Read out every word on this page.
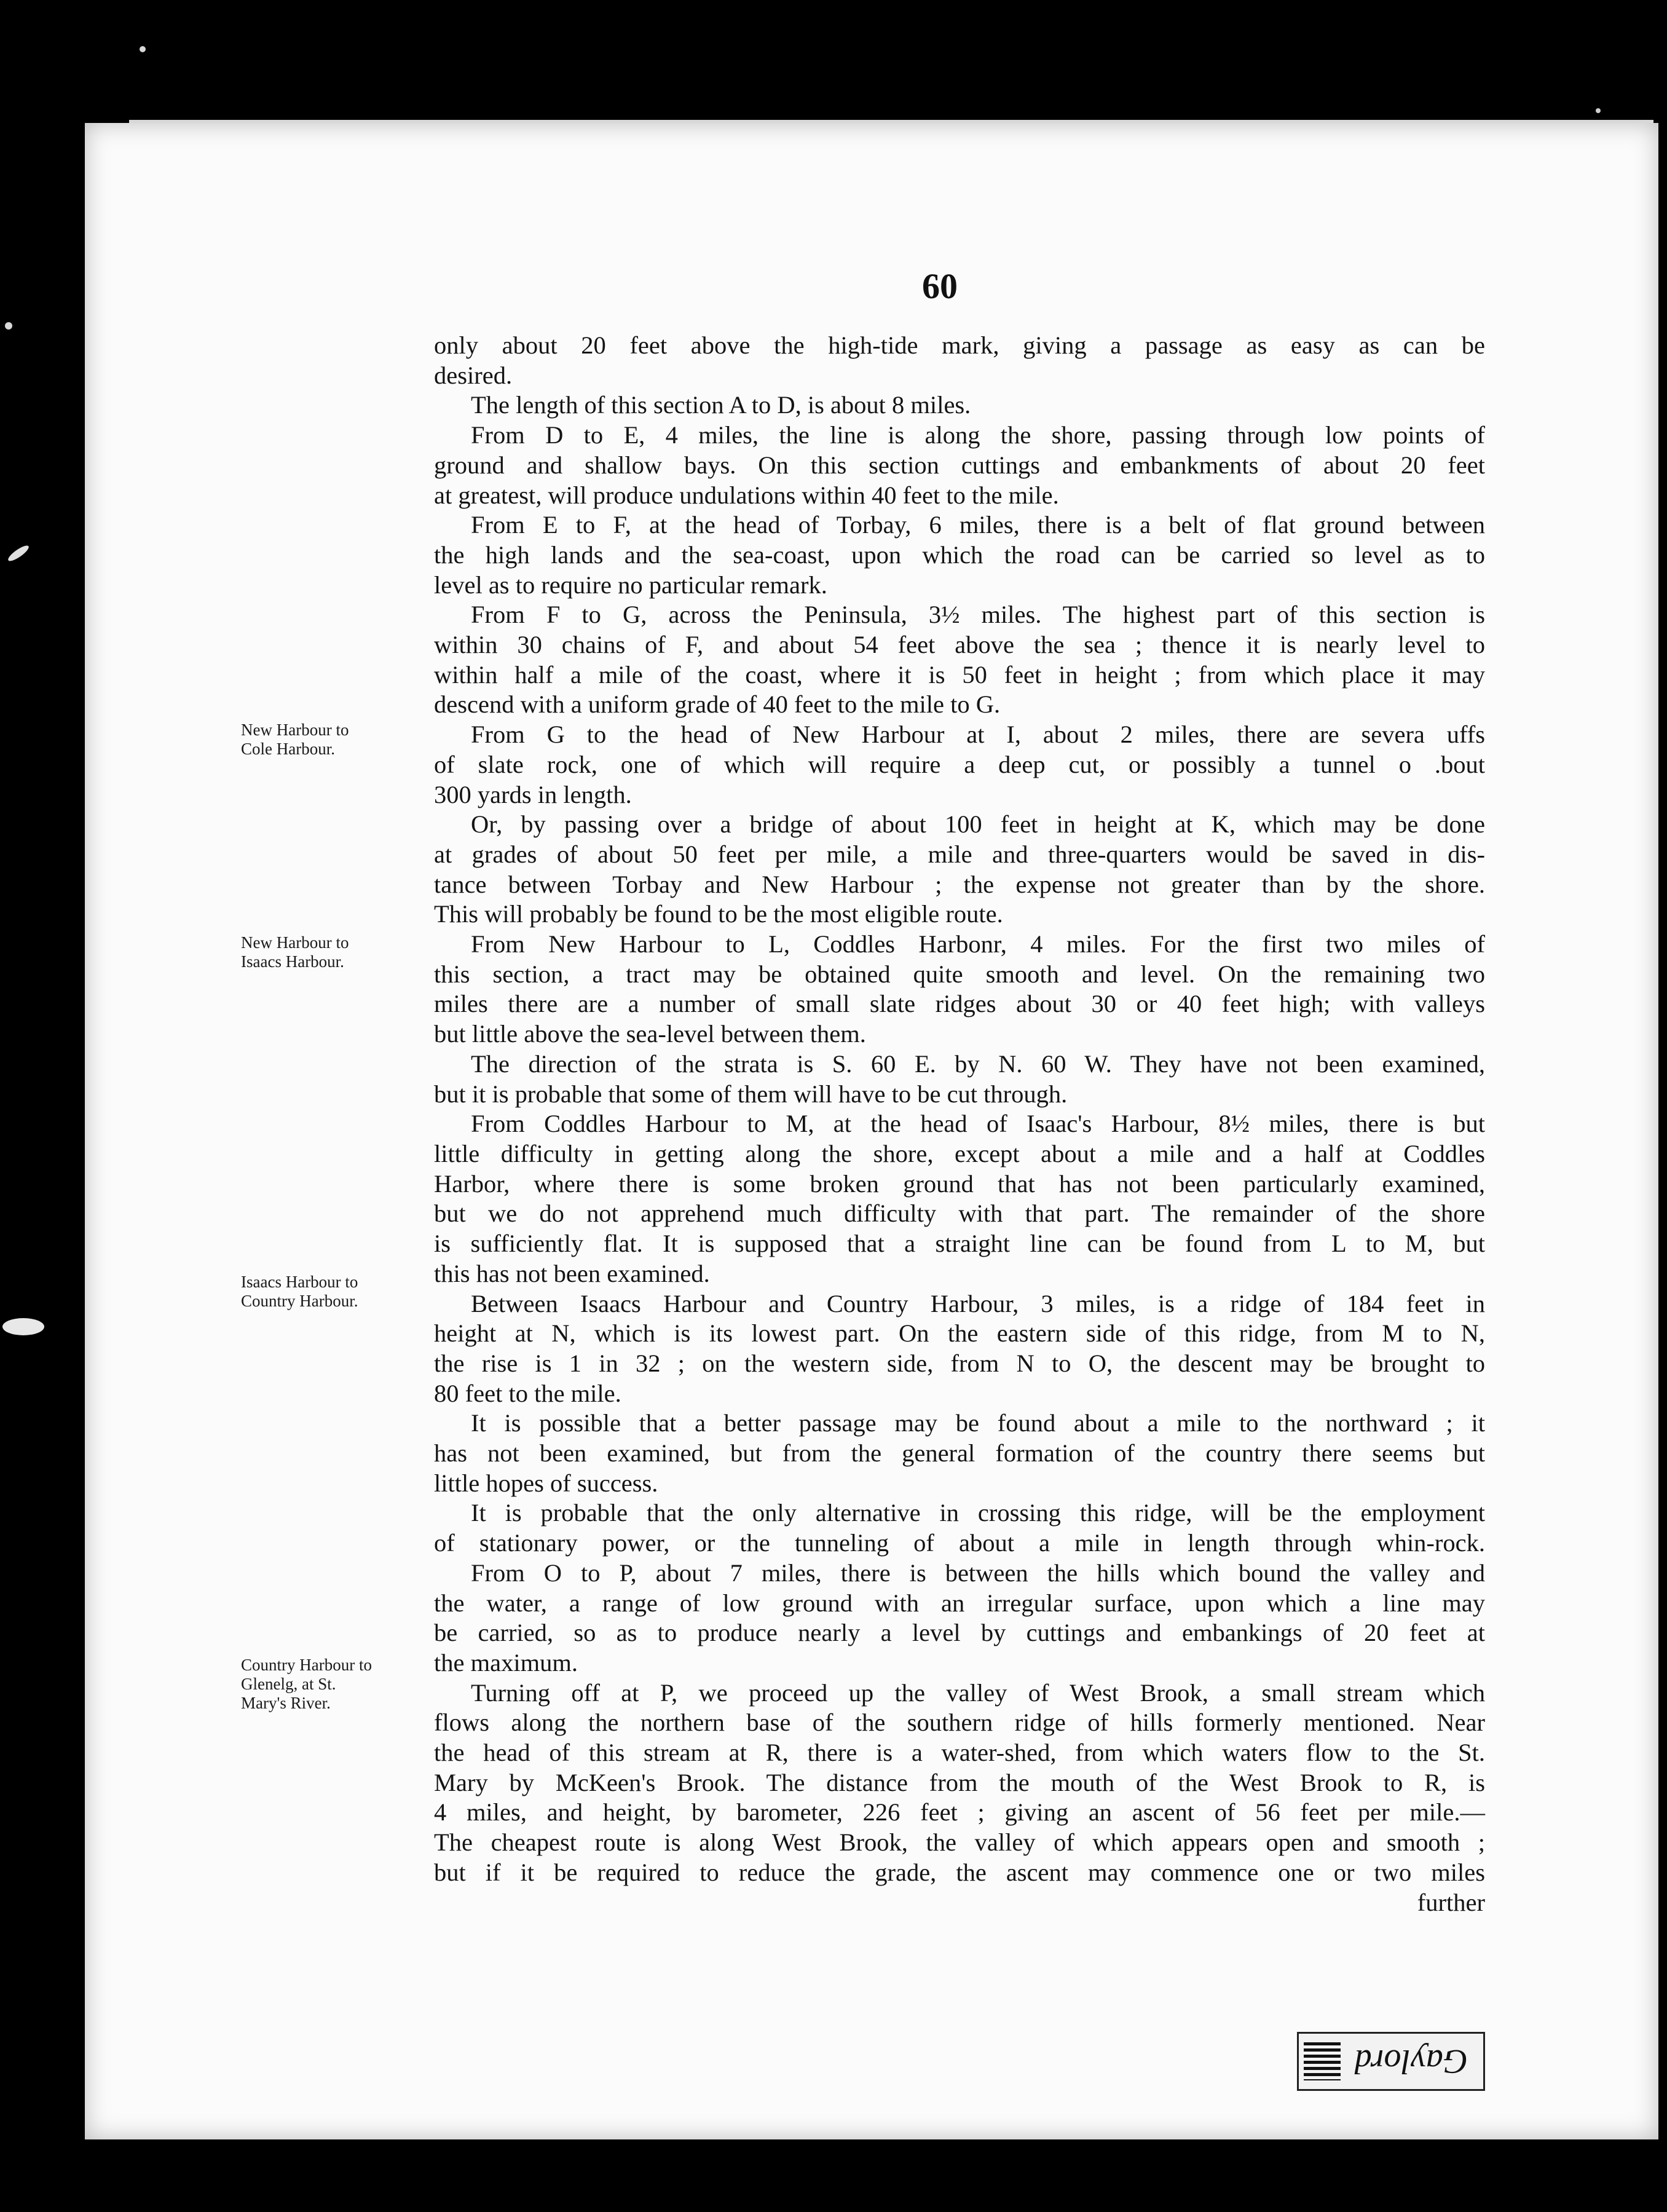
60
only about 20 feet above the high-tide mark, giving a passage as easy as can be
desired.
The length of this section A to D, is about 8 miles.
From D to E, 4 miles, the line is along the shore, passing through low points of
ground and shallow bays. On this section cuttings and embankments of about 20 feet
at greatest, will produce undulations within 40 feet to the mile.
From E to F, at the head of Torbay, 6 miles, there is a belt of flat ground between
the high lands and the sea-coast, upon which the road can be carried so level as to
level as to require no particular remark.
From F to G, across the Peninsula, 3½ miles. The highest part of this section is
within 30 chains of F, and about 54 feet above the sea ; thence it is nearly level to
within half a mile of the coast, where it is 50 feet in height ; from which place it may
descend with a uniform grade of 40 feet to the mile to G.
From G to the head of New Harbour at I, about 2 miles, there are severa uffs
of slate rock, one of which will require a deep cut, or possibly a tunnel o .bout
300 yards in length.
Or, by passing over a bridge of about 100 feet in height at K, which may be done
at grades of about 50 feet per mile, a mile and three-quarters would be saved in dis-
tance between Torbay and New Harbour ; the expense not greater than by the shore.
This will probably be found to be the most eligible route.
From New Harbour to L, Coddles Harbonr, 4 miles. For the first two miles of
this section, a tract may be obtained quite smooth and level. On the remaining two
miles there are a number of small slate ridges about 30 or 40 feet high; with valleys
but little above the sea-level between them.
The direction of the strata is S. 60 E. by N. 60 W. They have not been examined,
but it is probable that some of them will have to be cut through.
From Coddles Harbour to M, at the head of Isaac's Harbour, 8½ miles, there is but
little difficulty in getting along the shore, except about a mile and a half at Coddles
Harbor, where there is some broken ground that has not been particularly examined,
but we do not apprehend much difficulty with that part. The remainder of the shore
is sufficiently flat. It is supposed that a straight line can be found from L to M, but
this has not been examined.
Between Isaacs Harbour and Country Harbour, 3 miles, is a ridge of 184 feet in
height at N, which is its lowest part. On the eastern side of this ridge, from M to N,
the rise is 1 in 32 ; on the western side, from N to O, the descent may be brought to
80 feet to the mile.
It is possible that a better passage may be found about a mile to the northward ; it
has not been examined, but from the general formation of the country there seems but
little hopes of success.
It is probable that the only alternative in crossing this ridge, will be the employment
of stationary power, or the tunneling of about a mile in length through whin-rock.
From O to P, about 7 miles, there is between the hills which bound the valley and
the water, a range of low ground with an irregular surface, upon which a line may
be carried, so as to produce nearly a level by cuttings and embankings of 20 feet at
the maximum.
Turning off at P, we proceed up the valley of West Brook, a small stream which
flows along the northern base of the southern ridge of hills formerly mentioned. Near
the head of this stream at R, there is a water-shed, from which waters flow to the St.
Mary by McKeen's Brook. The distance from the mouth of the West Brook to R, is
4 miles, and height, by barometer, 226 feet ; giving an ascent of 56 feet per mile.—
The cheapest route is along West Brook, the valley of which appears open and smooth ;
but if it be required to reduce the grade, the ascent may commence one or two miles
further
New Harbour to
Cole Harbour.
New Harbour to
Isaacs Harbour.
Isaacs Harbour to
Country Harbour.
Country Harbour to
Glenelg, at St.
Mary's River.
Gaylord
